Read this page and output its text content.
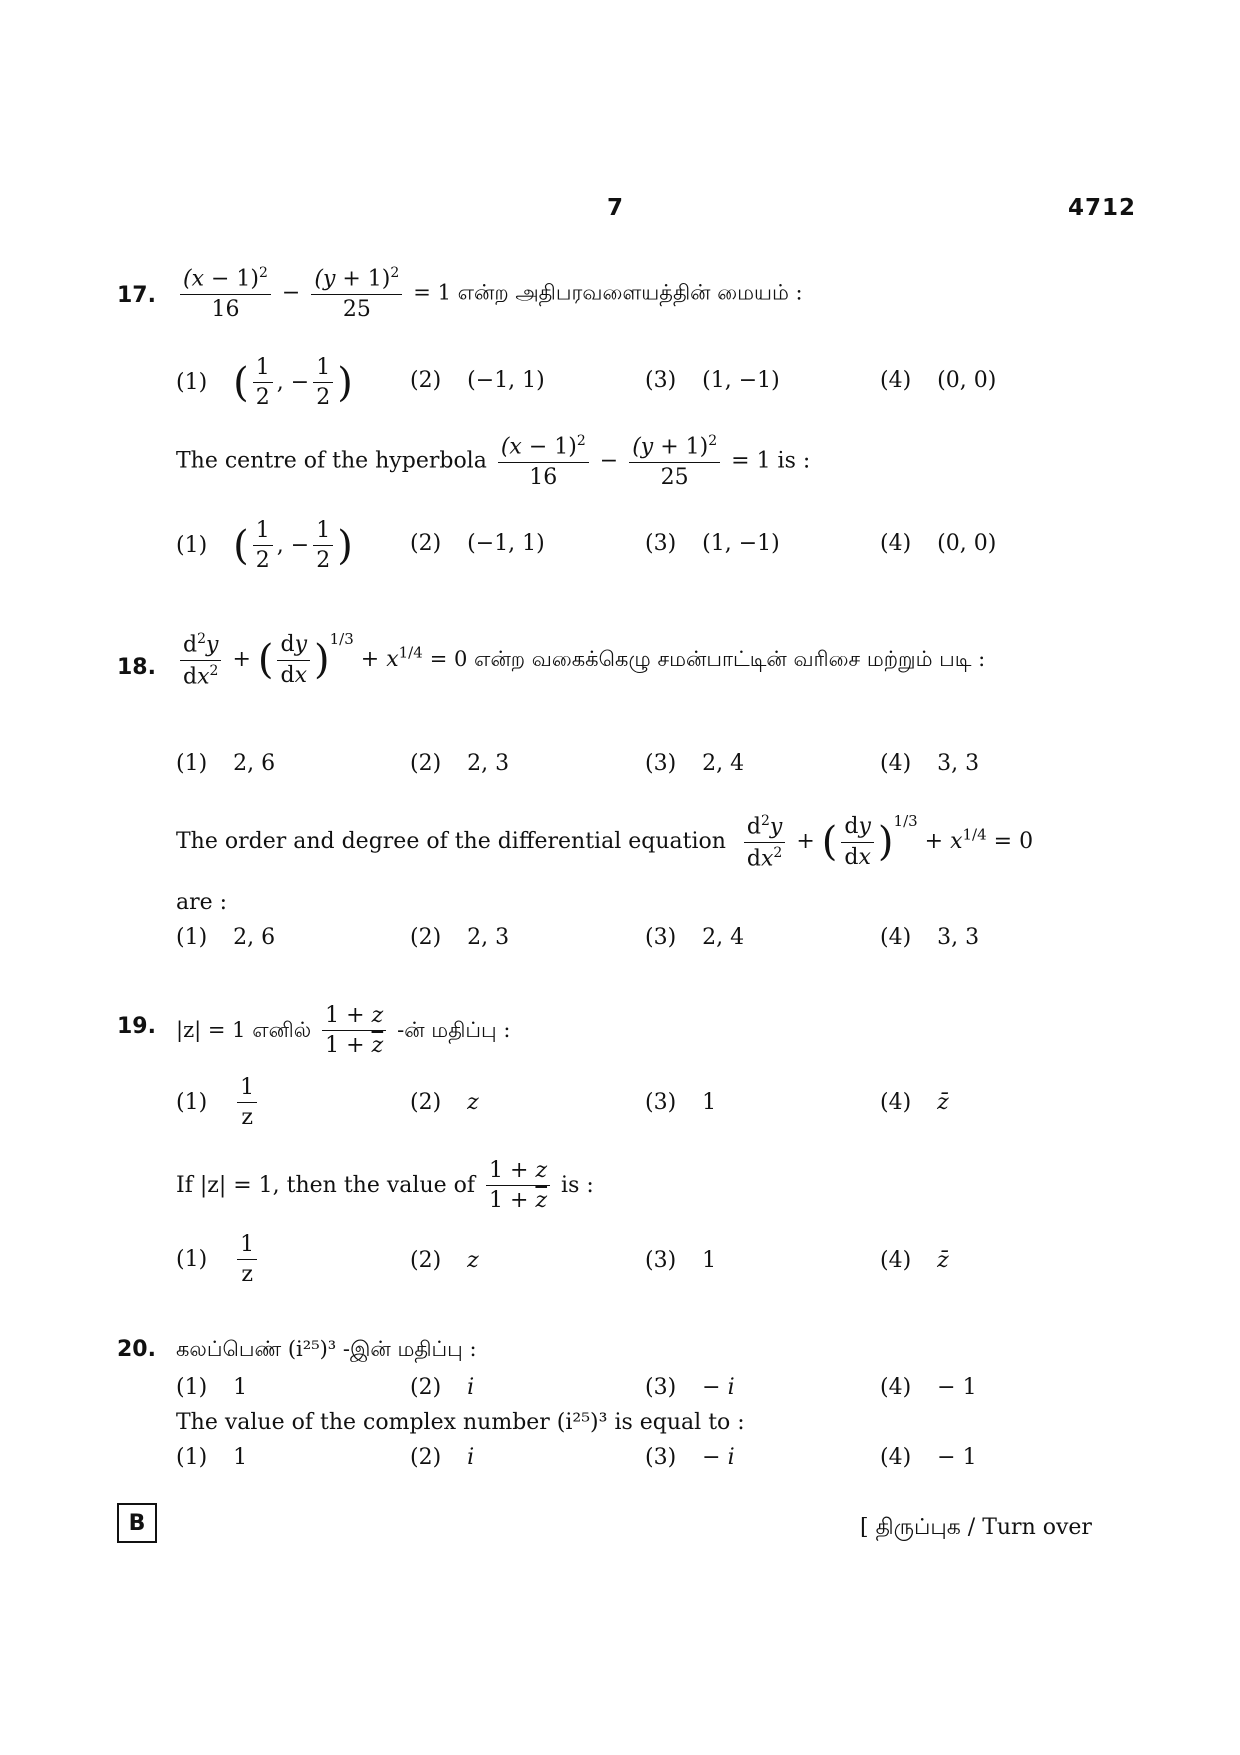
7	4712
17. $\frac{(x - 1)^2}{16} - \frac{(y + 1)^2}{25} = 1$ என்ற அதிபரவளையத்தின் மையம் :
(1) ( $\frac{1}{2}$ , − $\frac{1}{2}$ )	(2) (−1, 1)	(3) (1, −1)	(4) (0, 0)
The centre of the hyperbola $\frac{(x - 1)^2}{16} - \frac{(y + 1)^2}{25} = 1$ is :
(1) ( $\frac{1}{2}$ , − $\frac{1}{2}$ )	(2) (−1, 1)	(3) (1, −1)	(4) (0, 0)
18. $\frac{d^2y}{dx^2}$ + ( $\frac{dy}{dx} )^{1/3} + x^{1/4} = 0$ என்ற வகைக்கெழு சமன்பாட்டின் வரிசை மற்றும் படி :
(1) 2, 6	(2) 2, 3	(3) 2, 4	(4) 3, 3
The order and degree of the differential equation $\frac{d^2y}{dx^2}$ + ( $\frac{dy}{dx} )^{1/3} + x^{1/4} = 0$
are :
(1) 2, 6	(2) 2, 3	(3) 2, 4	(4) 3, 3
19. |z| = 1 எனில் $\frac{1 + z}{1 + \overline{z}}$ -ன் மதிப்பு :
$(1) \frac{1}{z}$	(2) z	(3) 1	(4) z̄
If |z| = 1, then the value of $\frac{1 + z}{1 + \overline{z}}$ is :
$(1) \frac{1}{z}$	(2) z	(3) 1	(4) z̄
20. கலப்பெண் (i²⁵)³ -இன் மதிப்பு :
(1) 1	(2) i	(3) − i	(4) − 1
The value of the complex number (i²⁵)³ is equal to :
(1) 1	(2) i	(3) − i	(4) − 1
B	[ திருப்புக / Turn over
